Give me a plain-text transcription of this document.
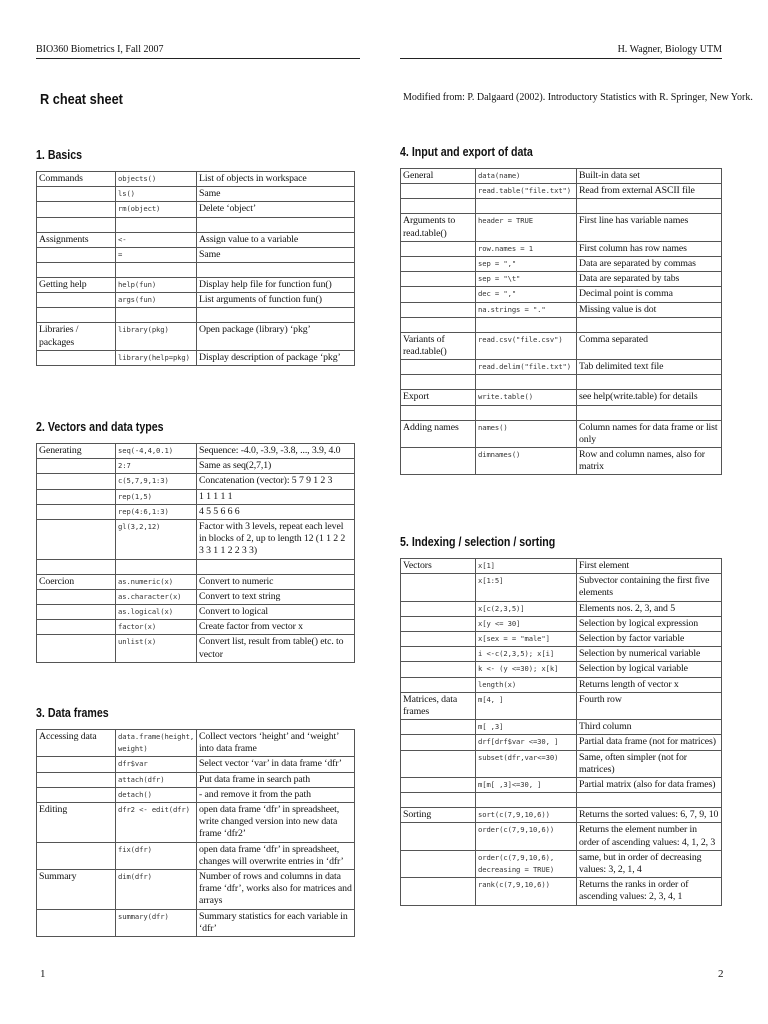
BIO360 Biometrics I, Fall 2007	H. Wagner, Biology UTM
R cheat sheet	Modified from: P. Dalgaard (2002). Introductory Statistics with R. Springer, New York.
1. Basics
Commands	objects()	List of objects in workspace
	ls()	Same
	rm(object)	Delete ‘object’

Assignments	<-	Assign value to a variable
	=	Same

Getting help	help(fun)	Display help file for function fun()
	args(fun)	List arguments of function fun()

Libraries / packages	library(pkg)	Open package (library) ‘pkg’
	library(help=pkg)	Display description of package ‘pkg’
2. Vectors and data types
Generating	seq(-4,4,0.1)	Sequence: -4.0, -3.9, -3.8, ..., 3.9, 4.0
	2:7	Same as seq(2,7,1)
	c(5,7,9,1:3)	Concatenation (vector): 5 7 9 1 2 3
	rep(1,5)	1 1 1 1 1
	rep(4:6,1:3)	4 5 5 6 6 6
	gl(3,2,12)	Factor with 3 levels, repeat each level in blocks of 2, up to length 12 (1 1 2 2 3 3 1 1 2 2 3 3)

Coercion	as.numeric(x)	Convert to numeric
	as.character(x)	Convert to text string
	as.logical(x)	Convert to logical
	factor(x)	Create factor from vector x
	unlist(x)	Convert list, result from table() etc. to vector
3. Data frames
Accessing data	data.frame(height, weight)	Collect vectors ‘height’ and ‘weight’ into data frame
	dfr$var	Select vector ‘var’ in data frame ‘dfr’
	attach(dfr)	Put data frame in search path
	detach()	- and remove it from the path
Editing	dfr2 <- edit(dfr)	open data frame ‘dfr’ in spreadsheet, write changed version into new data frame ‘dfr2’
	fix(dfr)	open data frame ‘dfr’ in spreadsheet, changes will overwrite entries in ‘dfr’
Summary	dim(dfr)	Number of rows and columns in data frame ‘dfr’, works also for matrices and arrays
	summary(dfr)	Summary statistics for each variable in ‘dfr’
4. Input and export of data
General	data(name)	Built-in data set
	read.table("file.txt")	Read from external ASCII file

Arguments to read.table()	header = TRUE	First line has variable names
	row.names = 1	First column has row names
	sep = ","	Data are separated by commas
	sep = "\t"	Data are separated by tabs
	dec = ","	Decimal point is comma
	na.strings = "."	Missing value is dot

Variants of read.table()	read.csv("file.csv")	Comma separated
	read.delim("file.txt")	Tab delimited text file

Export	write.table()	see help(write.table) for details

Adding names	names()	Column names for data frame or list only
	dimnames()	Row and column names, also for matrix
5. Indexing / selection / sorting
Vectors	x[1]	First element
	x[1:5]	Subvector containing the first five elements
	x[c(2,3,5)]	Elements nos. 2, 3, and 5
	x[y <= 30]	Selection by logical expression
	x[sex = = "male"]	Selection by factor variable
	i <-c(2,3,5); x[i]	Selection by numerical variable
	k <- (y <=30); x[k]	Selection by logical variable
	length(x)	Returns length of vector x
Matrices, data frames	m[4, ]	Fourth row
	m[ ,3]	Third column
	drf[drf$var <=30, ]	Partial data frame (not for matrices)
	subset(dfr,var<=30)	Same, often simpler (not for matrices)
	m[m[ ,3]<=30, ]	Partial matrix (also for data frames)

Sorting	sort(c(7,9,10,6))	Returns the sorted values: 6, 7, 9, 10
	order(c(7,9,10,6))	Returns the element number in order of ascending values: 4, 1, 2, 3
	order(c(7,9,10,6), decreasing = TRUE)	same, but in order of decreasing values: 3, 2, 1, 4
	rank(c(7,9,10,6))	Returns the ranks in order of ascending values: 2, 3, 4, 1
1	2
